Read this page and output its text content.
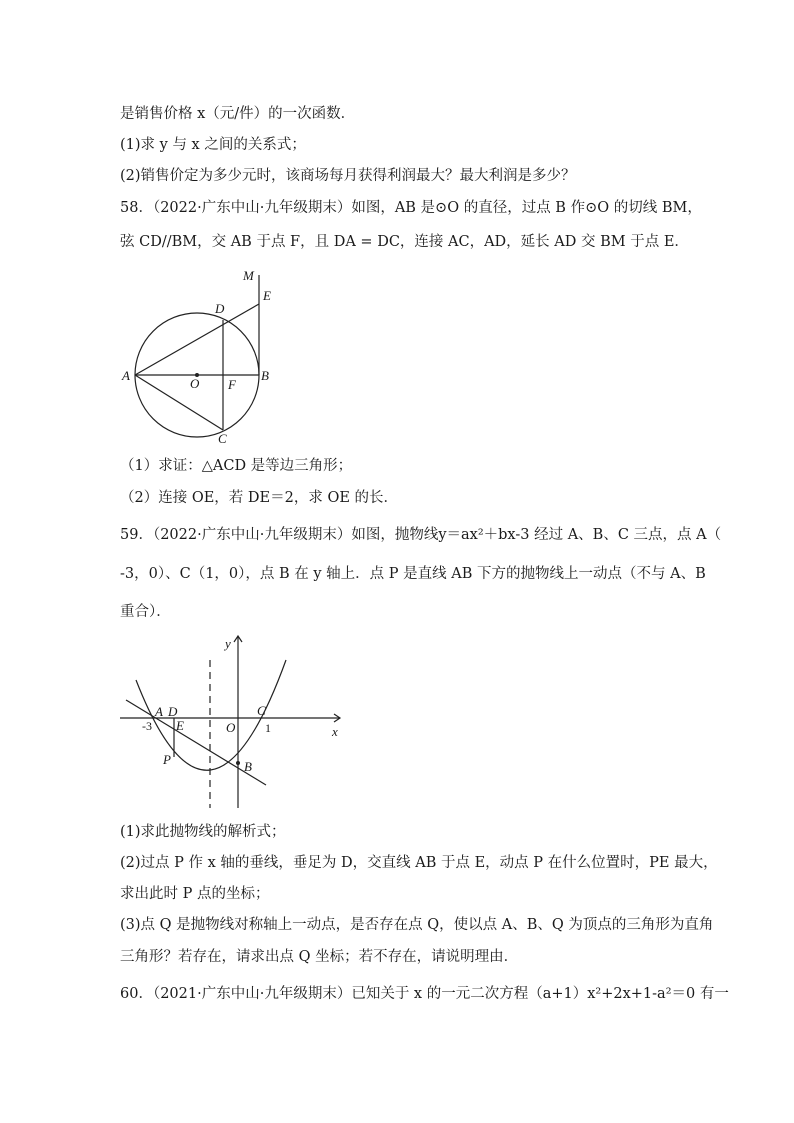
是销售价格 x（元/件）的一次函数．
(1)求 y 与 x 之间的关系式；
(2)销售价定为多少元时，该商场每月获得利润最大？最大利润是多少？
58．（2022·广东中山·九年级期末）如图，AB 是⊙O 的直径，过点 B 作⊙O 的切线 BM，
弦 CD//BM，交 AB 于点 F，且 DA = DC，连接 AC，AD，延长 AD 交 BM 于点 E．
M
E
D
A
O F
B
C
（1）求证：△ACD 是等边三角形；
（2）连接 OE，若 DE＝2，求 OE 的长．
59．（2022·广东中山·九年级期末）如图，抛物线y＝ax²＋bx-3 经过 A、B、C 三点，点 A（
-3，0）、C（1，0），点 B 在 y 轴上．点 P 是直线 AB 下方的抛物线上一动点（不与 A、B
重合）．
y
C
A D
-3 E	O 1	x
P	B
(1)求此抛物线的解析式；
(2)过点 P 作 x 轴的垂线，垂足为 D，交直线 AB 于点 E，动点 P 在什么位置时，PE 最大，
求出此时 P 点的坐标；
(3)点 Q 是抛物线对称轴上一动点，是否存在点 Q，使以点 A、B、Q 为顶点的三角形为直角
三角形？若存在，请求出点 Q 坐标；若不存在，请说明理由．
60．（2021·广东中山·九年级期末）已知关于 x 的一元二次方程（a+1）x²+2x+1-a²＝0 有一
